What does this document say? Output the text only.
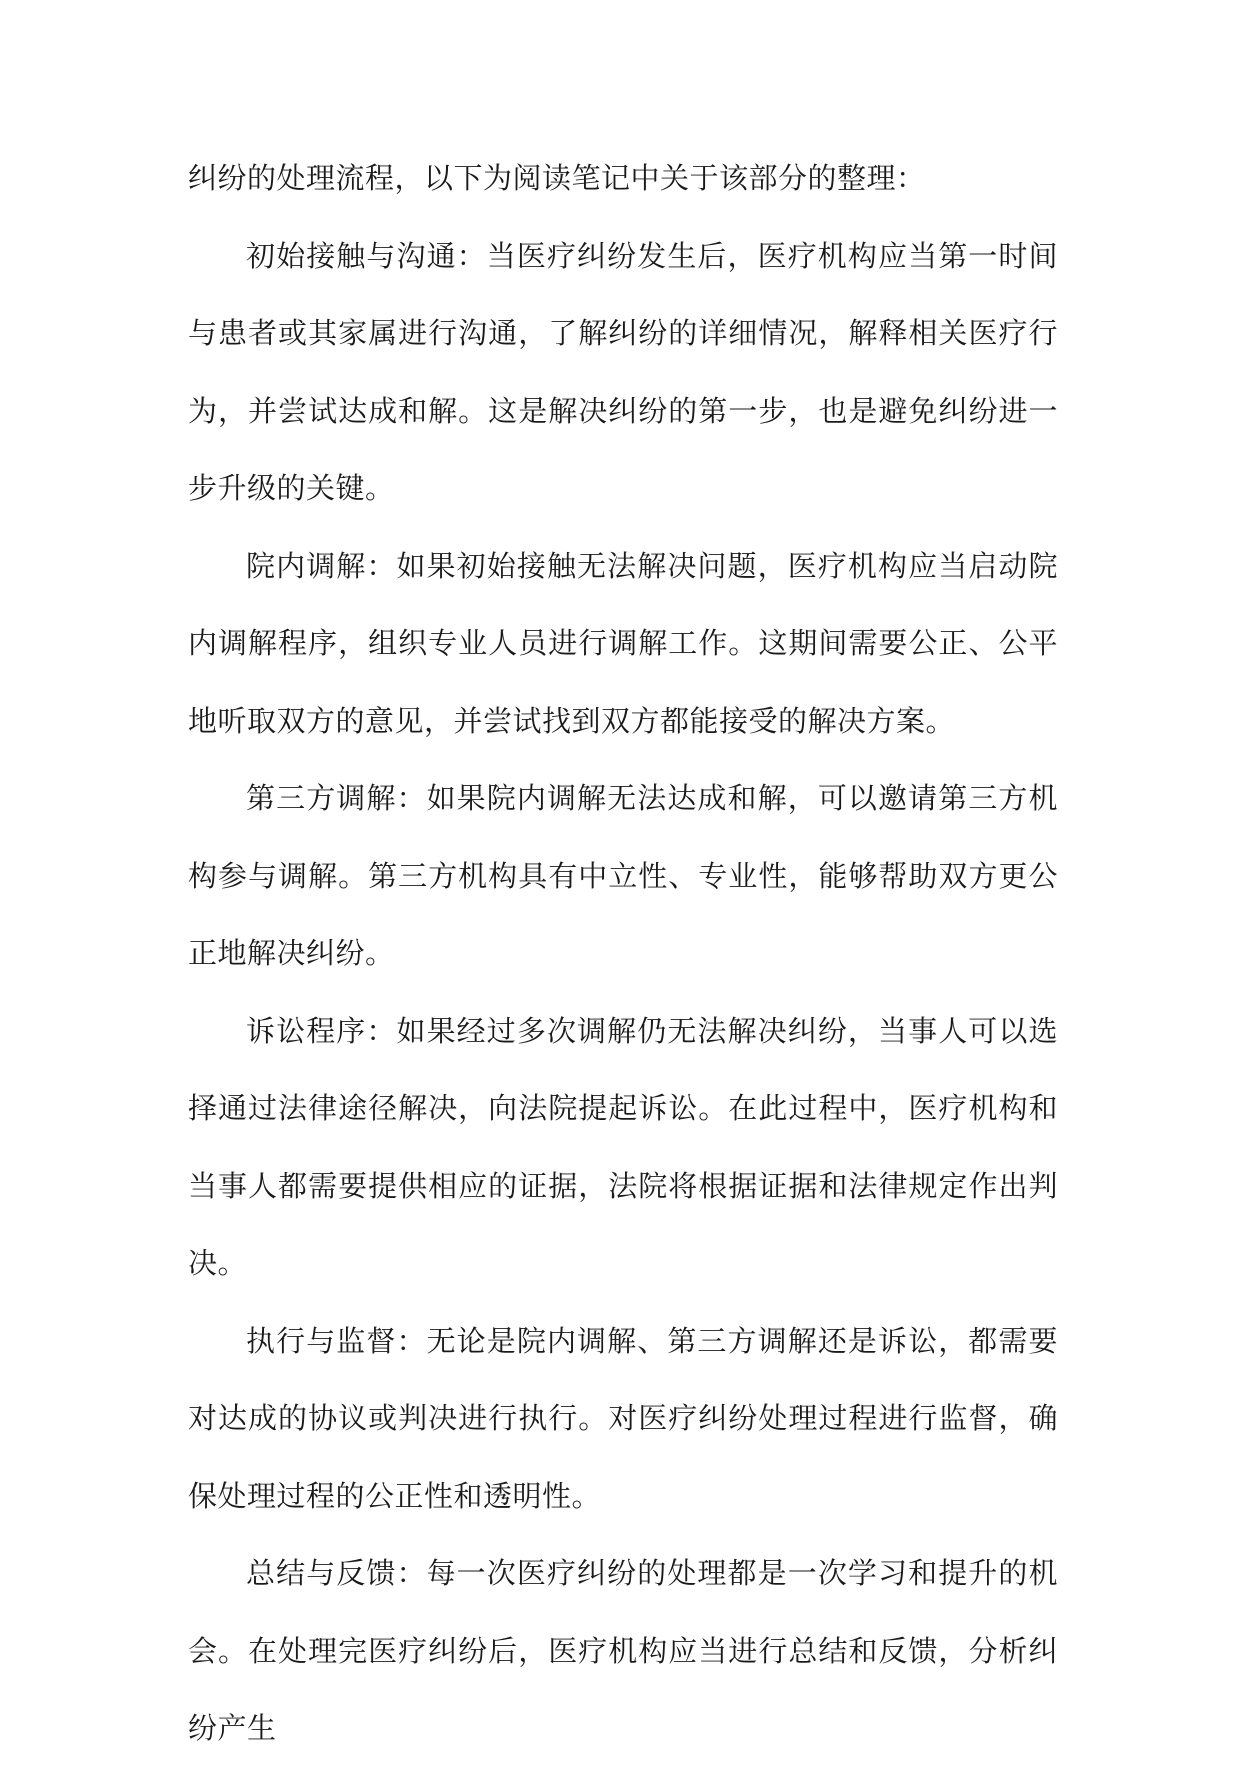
纠纷的处理流程，以下为阅读笔记中关于该部分的整理：

初始接触与沟通：当医疗纠纷发生后，医疗机构应当第一时间与患者或其家属进行沟通，了解纠纷的详细情况，解释相关医疗行为，并尝试达成和解。这是解决纠纷的第一步，也是避免纠纷进一步升级的关键。

院内调解：如果初始接触无法解决问题，医疗机构应当启动院内调解程序，组织专业人员进行调解工作。这期间需要公正、公平地听取双方的意见，并尝试找到双方都能接受的解决方案。

第三方调解：如果院内调解无法达成和解，可以邀请第三方机构参与调解。第三方机构具有中立性、专业性，能够帮助双方更公正地解决纠纷。

诉讼程序：如果经过多次调解仍无法解决纠纷，当事人可以选择通过法律途径解决，向法院提起诉讼。在此过程中，医疗机构和当事人都需要提供相应的证据，法院将根据证据和法律规定作出判决。

执行与监督：无论是院内调解、第三方调解还是诉讼，都需要对达成的协议或判决进行执行。对医疗纠纷处理过程进行监督，确保处理过程的公正性和透明性。

总结与反馈：每一次医疗纠纷的处理都是一次学习和提升的机会。在处理完医疗纠纷后，医疗机构应当进行总结和反馈，分析纠纷产生
